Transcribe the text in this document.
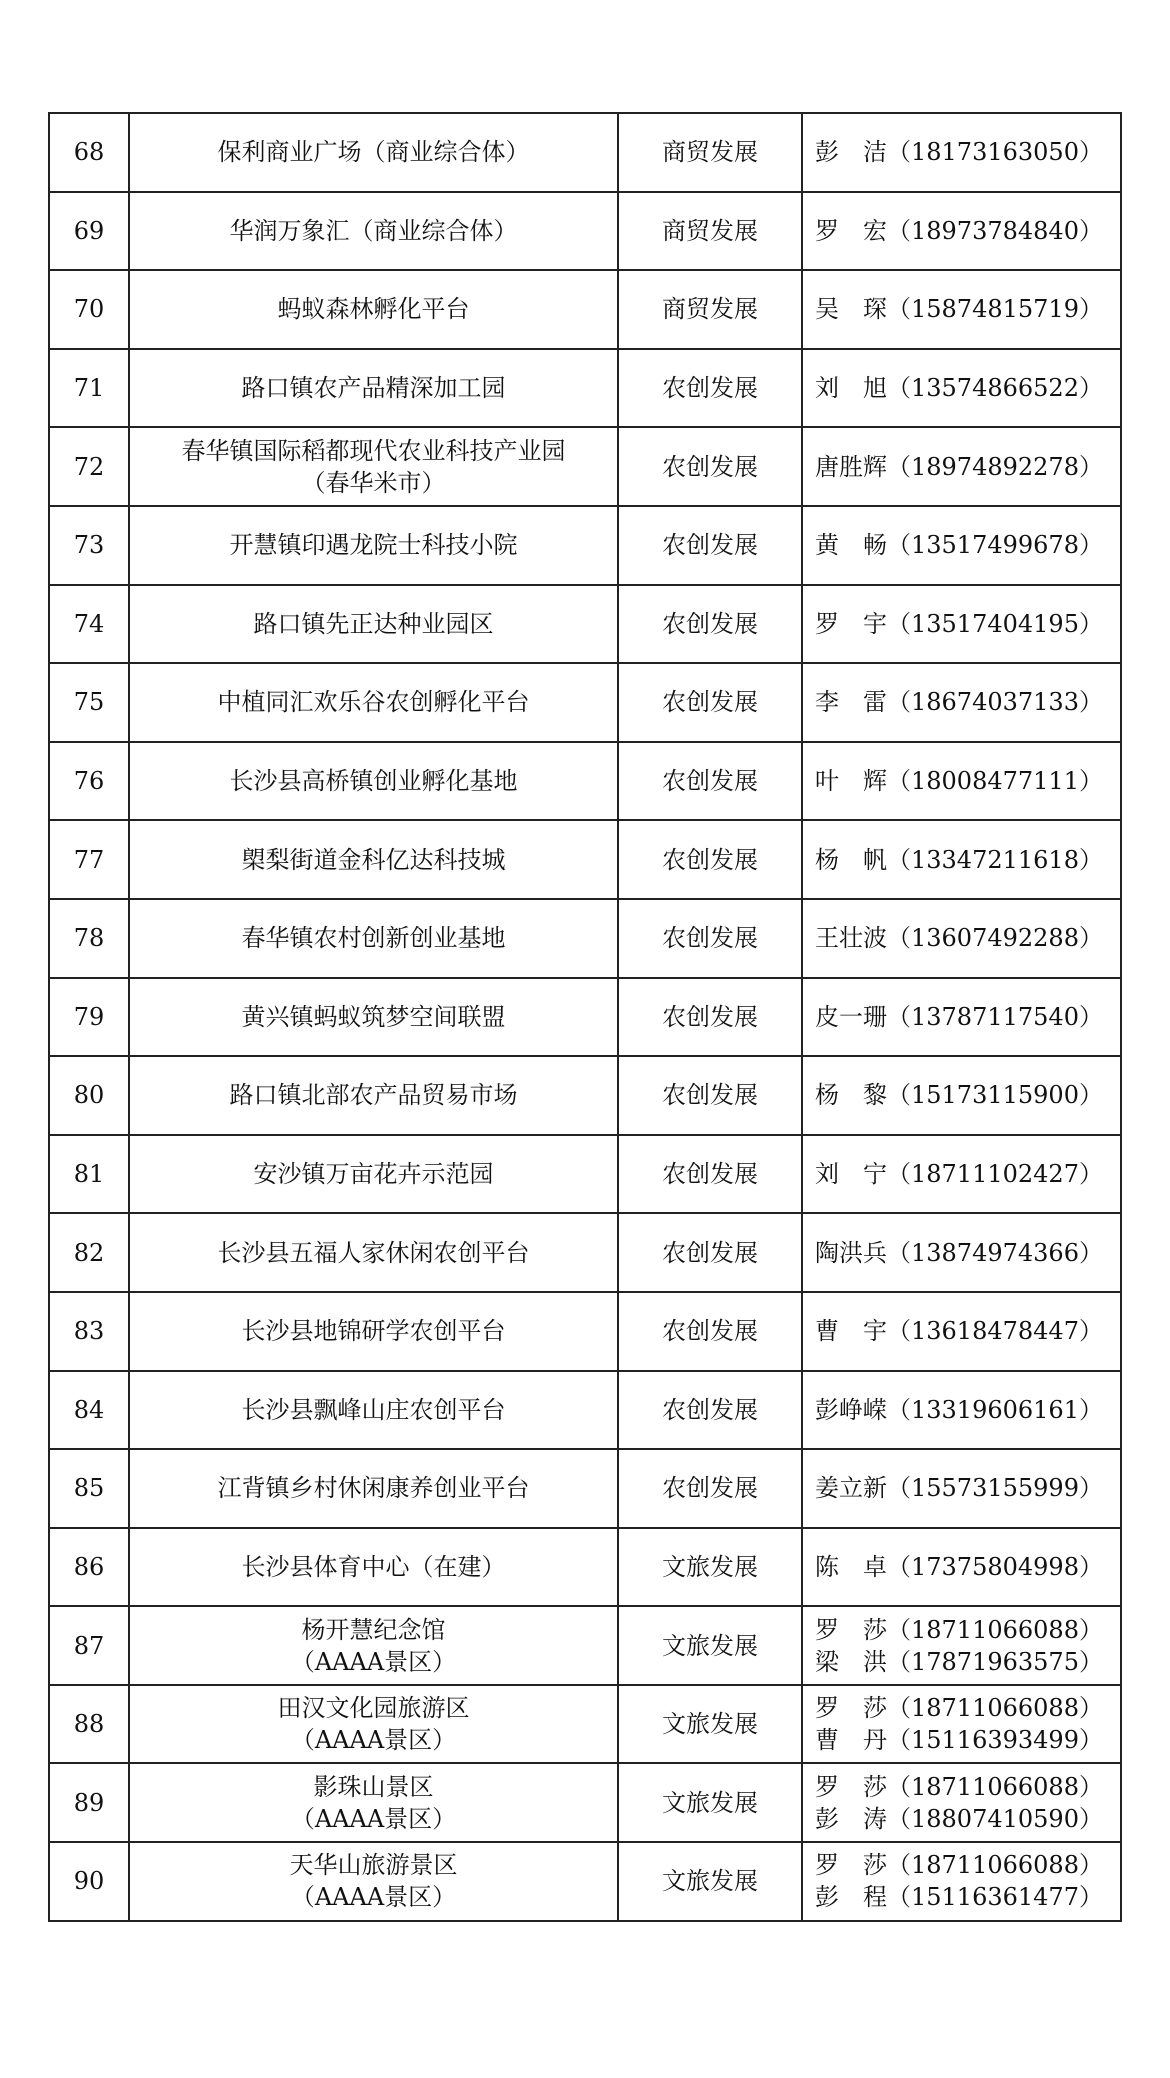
68	保利商业广场（商业综合体）	商贸发展	彭　洁（18173163050）

69	华润万象汇（商业综合体）	商贸发展	罗　宏（18973784840）

70	蚂蚁森林孵化平台	商贸发展	吴　琛（15874815719）

71	路口镇农产品精深加工园	农创发展	刘　旭（13574866522）

72	春华镇国际稻都现代农业科技产业园
（春华米市）	农创发展	唐胜辉（18974892278）

73	开慧镇印遇龙院士科技小院	农创发展	黄　畅（13517499678）

74	路口镇先正达种业园区	农创发展	罗　宇（13517404195）

75	中植同汇欢乐谷农创孵化平台	农创发展	李　雷（18674037133）

76	长沙县高桥镇创业孵化基地	农创发展	叶　辉（18008477111）

77	㮾梨街道金科亿达科技城	农创发展	杨　帆（13347211618）

78	春华镇农村创新创业基地	农创发展	王壮波（13607492288）

79	黄兴镇蚂蚁筑梦空间联盟	农创发展	皮一珊（13787117540）

80	路口镇北部农产品贸易市场	农创发展	杨　黎（15173115900）

81	安沙镇万亩花卉示范园	农创发展	刘　宁（18711102427）

82	长沙县五福人家休闲农创平台	农创发展	陶洪兵（13874974366）

83	长沙县地锦研学农创平台	农创发展	曹　宇（13618478447）

84	长沙县飘峰山庄农创平台	农创发展	彭峥嵘（13319606161）

85	江背镇乡村休闲康养创业平台	农创发展	姜立新（15573155999）

86	长沙县体育中心（在建）	文旅发展	陈　卓（17375804998）

87	杨开慧纪念馆
（AAAA景区）	文旅发展	罗　莎（18711066088）
梁　洪（17871963575）

88	田汉文化园旅游区
（AAAA景区）	文旅发展	罗　莎（18711066088）
曹　丹（15116393499）

89	影珠山景区
（AAAA景区）	文旅发展	罗　莎（18711066088）
彭　涛（18807410590）

90	天华山旅游景区
（AAAA景区）	文旅发展	罗　莎（18711066088）
彭　程（15116361477）
